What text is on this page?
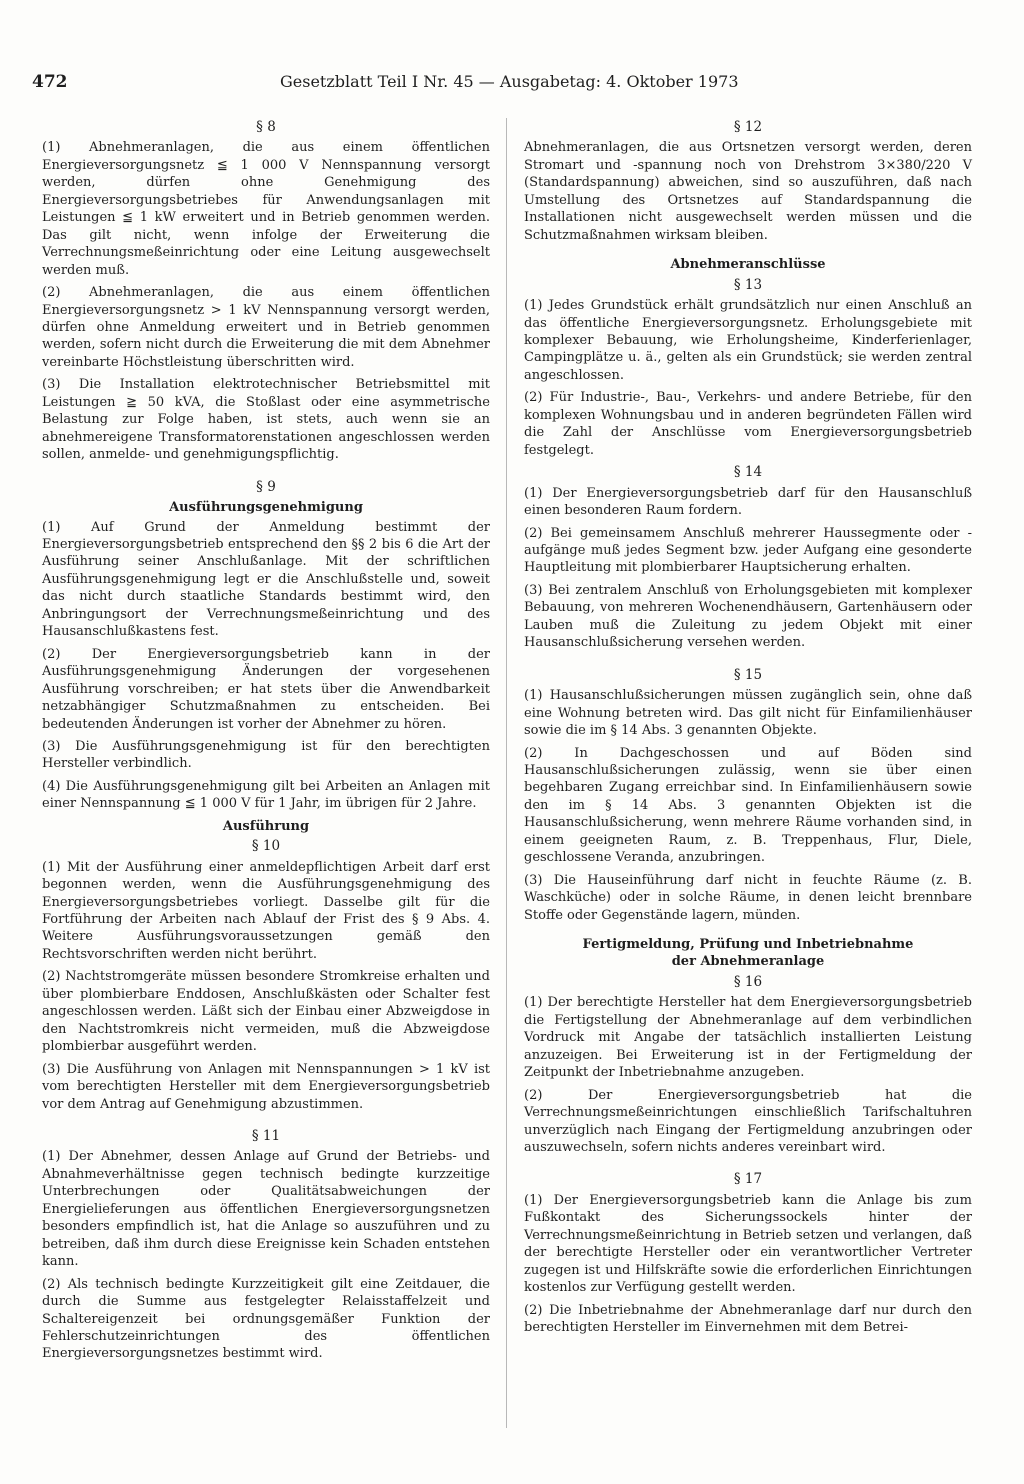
472	Gesetzblatt Teil I Nr. 45 — Ausgabetag: 4. Oktober 1973
§ 8

(1) Abnehmeranlagen, die aus einem öffentlichen Energieversorgungsnetz ≦ 1 000 V Nennspannung versorgt werden, dürfen ohne Genehmigung des Energieversorgungsbetriebes für Anwendungsanlagen mit Leistungen ≦ 1 kW erweitert und in Betrieb genommen werden. Das gilt nicht, wenn infolge der Erweiterung die Verrechnungsmeßeinrichtung oder eine Leitung ausgewechselt werden muß.

(2) Abnehmeranlagen, die aus einem öffentlichen Energieversorgungsnetz > 1 kV Nennspannung versorgt werden, dürfen ohne Anmeldung erweitert und in Betrieb genommen werden, sofern nicht durch die Erweiterung die mit dem Abnehmer vereinbarte Höchstleistung überschritten wird.

(3) Die Installation elektrotechnischer Betriebsmittel mit Leistungen ≧ 50 kVA, die Stoßlast oder eine asymmetrische Belastung zur Folge haben, ist stets, auch wenn sie an abnehmereigene Transformatorenstationen angeschlossen werden sollen, anmelde- und genehmigungspflichtig.

§ 9
Ausführungsgenehmigung

(1) Auf Grund der Anmeldung bestimmt der Energieversorgungsbetrieb entsprechend den §§ 2 bis 6 die Art der Ausführung seiner Anschlußanlage. Mit der schriftlichen Ausführungsgenehmigung legt er die Anschlußstelle und, soweit das nicht durch staatliche Standards bestimmt wird, den Anbringungsort der Verrechnungsmeßeinrichtung und des Hausanschlußkastens fest.

(2) Der Energieversorgungsbetrieb kann in der Ausführungsgenehmigung Änderungen der vorgesehenen Ausführung vorschreiben; er hat stets über die Anwendbarkeit netzabhängiger Schutzmaßnahmen zu entscheiden. Bei bedeutenden Änderungen ist vorher der Abnehmer zu hören.

(3) Die Ausführungsgenehmigung ist für den berechtigten Hersteller verbindlich.

(4) Die Ausführungsgenehmigung gilt bei Arbeiten an Anlagen mit einer Nennspannung ≦ 1 000 V für 1 Jahr, im übrigen für 2 Jahre.

Ausführung
§ 10

(1) Mit der Ausführung einer anmeldepflichtigen Arbeit darf erst begonnen werden, wenn die Ausführungsgenehmigung des Energieversorgungsbetriebes vorliegt. Dasselbe gilt für die Fortführung der Arbeiten nach Ablauf der Frist des § 9 Abs. 4. Weitere Ausführungsvoraussetzungen gemäß den Rechtsvorschriften werden nicht berührt.

(2) Nachtstromgeräte müssen besondere Stromkreise erhalten und über plombierbare Enddosen, Anschlußkästen oder Schalter fest angeschlossen werden. Läßt sich der Einbau einer Abzweigdose in den Nachtstromkreis nicht vermeiden, muß die Abzweigdose plombierbar ausgeführt werden.

(3) Die Ausführung von Anlagen mit Nennspannungen > 1 kV ist vom berechtigten Hersteller mit dem Energieversorgungsbetrieb vor dem Antrag auf Genehmigung abzustimmen.

§ 11

(1) Der Abnehmer, dessen Anlage auf Grund der Betriebs- und Abnahmeverhältnisse gegen technisch bedingte kurzzeitige Unterbrechungen oder Qualitätsabweichungen der Energielieferungen aus öffentlichen Energieversorgungsnetzen besonders empfindlich ist, hat die Anlage so auszuführen und zu betreiben, daß ihm durch diese Ereignisse kein Schaden entstehen kann.

(2) Als technisch bedingte Kurzzeitigkeit gilt eine Zeitdauer, die durch die Summe aus festgelegter Relaisstaffelzeit und Schaltereigenzeit bei ordnungsgemäßer Funktion der Fehlerschutzeinrichtungen des öffentlichen Energieversorgungsnetzes bestimmt wird.

§ 12

Abnehmeranlagen, die aus Ortsnetzen versorgt werden, deren Stromart und -spannung noch von Drehstrom 3×380/220 V (Standardspannung) abweichen, sind so auszuführen, daß nach Umstellung des Ortsnetzes auf Standardspannung die Installationen nicht ausgewechselt werden müssen und die Schutzmaßnahmen wirksam bleiben.

Abnehmeranschlüsse
§ 13

(1) Jedes Grundstück erhält grundsätzlich nur einen Anschluß an das öffentliche Energieversorgungsnetz. Erholungsgebiete mit komplexer Bebauung, wie Erholungsheime, Kinderferienlager, Campingplätze u. ä., gelten als ein Grundstück; sie werden zentral angeschlossen.

(2) Für Industrie-, Bau-, Verkehrs- und andere Betriebe, für den komplexen Wohnungsbau und in anderen begründeten Fällen wird die Zahl der Anschlüsse vom Energieversorgungsbetrieb festgelegt.

§ 14

(1) Der Energieversorgungsbetrieb darf für den Hausanschluß einen besonderen Raum fordern.

(2) Bei gemeinsamem Anschluß mehrerer Haussegmente oder -aufgänge muß jedes Segment bzw. jeder Aufgang eine gesonderte Hauptleitung mit plombierbarer Hauptsicherung erhalten.

(3) Bei zentralem Anschluß von Erholungsgebieten mit komplexer Bebauung, von mehreren Wochenendhäusern, Gartenhäusern oder Lauben muß die Zuleitung zu jedem Objekt mit einer Hausanschlußsicherung versehen werden.

§ 15

(1) Hausanschlußsicherungen müssen zugänglich sein, ohne daß eine Wohnung betreten wird. Das gilt nicht für Einfamilienhäuser sowie die im § 14 Abs. 3 genannten Objekte.

(2) In Dachgeschossen und auf Böden sind Hausanschlußsicherungen zulässig, wenn sie über einen begehbaren Zugang erreichbar sind. In Einfamilienhäusern sowie den im § 14 Abs. 3 genannten Objekten ist die Hausanschlußsicherung, wenn mehrere Räume vorhanden sind, in einem geeigneten Raum, z. B. Treppenhaus, Flur, Diele, geschlossene Veranda, anzubringen.

(3) Die Hauseinführung darf nicht in feuchte Räume (z. B. Waschküche) oder in solche Räume, in denen leicht brennbare Stoffe oder Gegenstände lagern, münden.

Fertigmeldung, Prüfung und Inbetriebnahme
der Abnehmeranlage
§ 16

(1) Der berechtigte Hersteller hat dem Energieversorgungsbetrieb die Fertigstellung der Abnehmeranlage auf dem verbindlichen Vordruck mit Angabe der tatsächlich installierten Leistung anzuzeigen. Bei Erweiterung ist in der Fertigmeldung der Zeitpunkt der Inbetriebnahme anzugeben.

(2) Der Energieversorgungsbetrieb hat die Verrechnungsmeßeinrichtungen einschließlich Tarifschaltuhren unverzüglich nach Eingang der Fertigmeldung anzubringen oder auszuwechseln, sofern nichts anderes vereinbart wird.

§ 17

(1) Der Energieversorgungsbetrieb kann die Anlage bis zum Fußkontakt des Sicherungssockels hinter der Verrechnungsmeßeinrichtung in Betrieb setzen und verlangen, daß der berechtigte Hersteller oder ein verantwortlicher Vertreter zugegen ist und Hilfskräfte sowie die erforderlichen Einrichtungen kostenlos zur Verfügung gestellt werden.

(2) Die Inbetriebnahme der Abnehmeranlage darf nur durch den berechtigten Hersteller im Einvernehmen mit dem Betrei-
